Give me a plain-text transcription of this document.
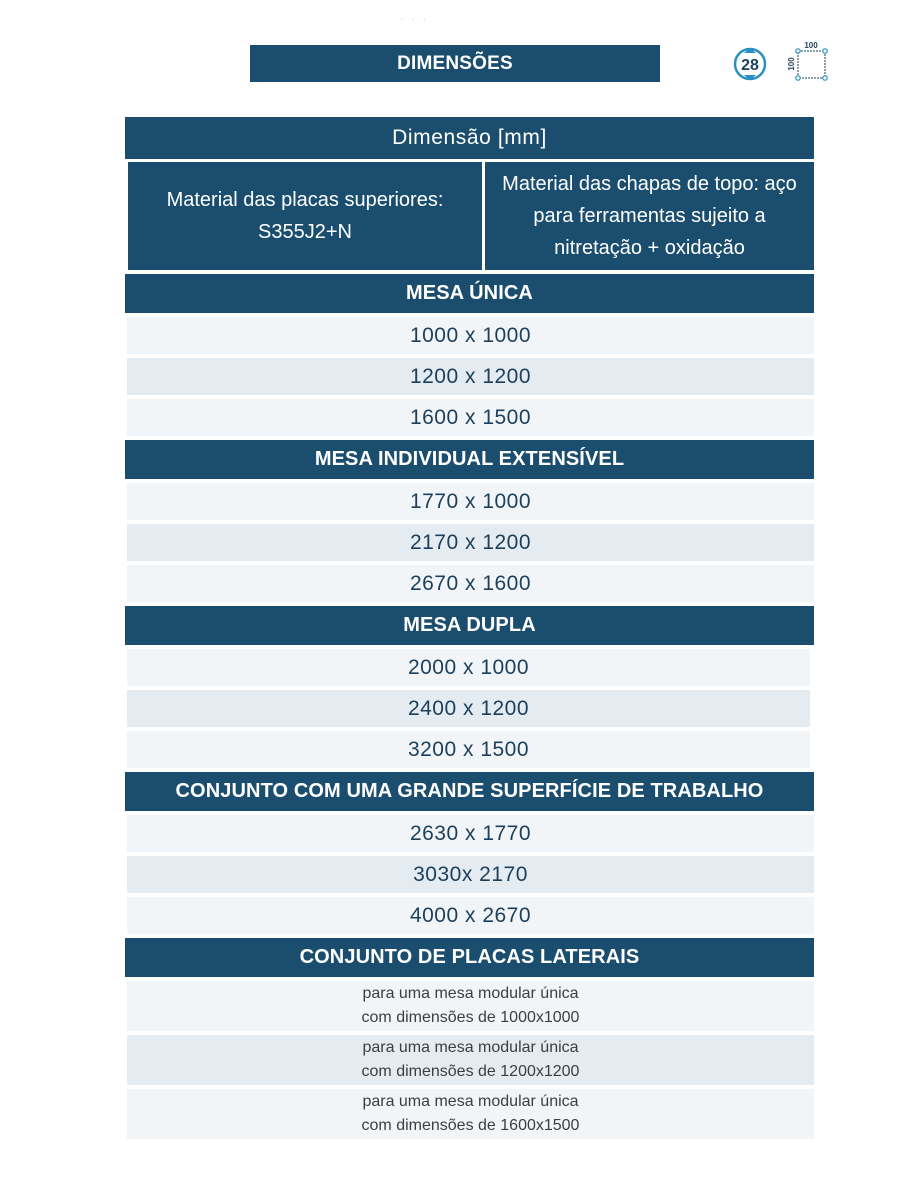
···
DIMENSÕES	28
100
100
Dimensão [mm]
Material das placas superiores: S355J2+N
Material das chapas de topo: aço para ferramentas sujeito a nitretação + oxidação
MESA ÚNICA
1000 x 1000
1200 x 1200
1600 x 1500
MESA INDIVIDUAL EXTENSÍVEL
1770 x 1000
2170 x 1200
2670 x 1600
MESA DUPLA
2000 x 1000
2400 x 1200
3200 x 1500
CONJUNTO COM UMA GRANDE SUPERFÍCIE DE TRABALHO
2630 x 1770
3030x 2170
4000 x 2670
CONJUNTO DE PLACAS LATERAIS
para uma mesa modular única
com dimensões de 1000x1000
para uma mesa modular única
com dimensões de 1200x1200
para uma mesa modular única
com dimensões de 1600x1500
